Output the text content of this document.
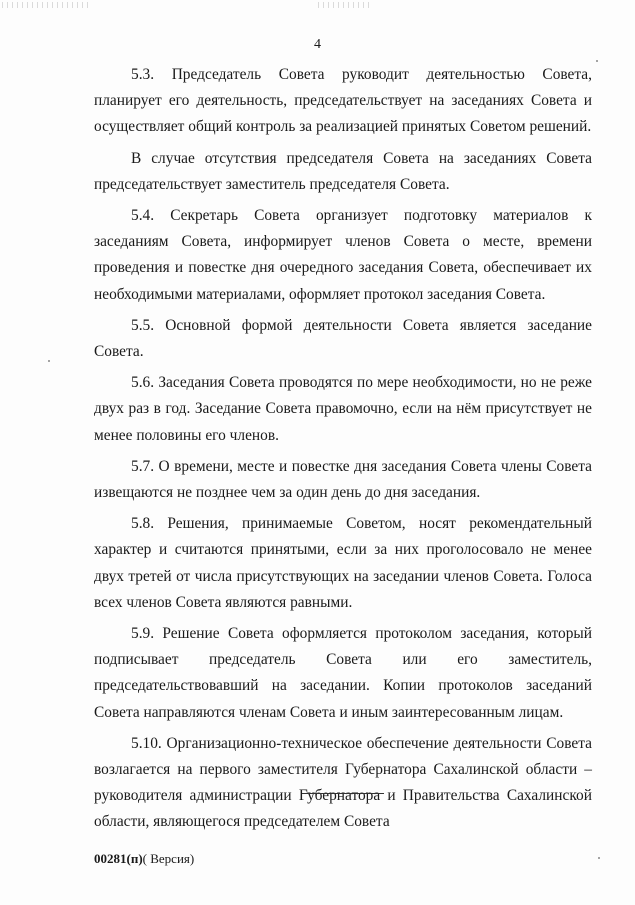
4

5.3. Председатель Совета руководит деятельностью Совета, планирует его деятельность, председательствует на заседаниях Совета и осуществляет общий контроль за реализацией принятых Советом решений.

В случае отсутствия председателя Совета на заседаниях Совета председательствует заместитель председателя Совета.

5.4. Секретарь Совета организует подготовку материалов к заседаниям Совета, информирует членов Совета о месте, времени проведения и повестке дня очередного заседания Совета, обеспечивает их необходимыми материалами, оформляет протокол заседания Совета.

5.5. Основной формой деятельности Совета является заседание Совета.

5.6. Заседания Совета проводятся по мере необходимости, но не реже двух раз в год. Заседание Совета правомочно, если на нём присутствует не менее половины его членов.

5.7. О времени, месте и повестке дня заседания Совета члены Совета извещаются не позднее чем за один день до дня заседания.

5.8. Решения, принимаемые Советом, носят рекомендательный характер и считаются принятыми, если за них проголосовало не менее двух третей от числа присутствующих на заседании членов Совета. Голоса всех членов Совета являются равными.

5.9. Решение Совета оформляется протоколом заседания, который подписывает председатель Совета или его заместитель, председательствовавший на заседании. Копии протоколов заседаний Совета направляются членам Совета и иным заинтересованным лицам.

5.10. Организационно-техническое обеспечение деятельности Совета возлагается на первого заместителя Губернатора Сахалинской области – руководителя администрации Губернатора и Правительства Сахалинской области, являющегося председателем Совета

00281(п)( Версия)
